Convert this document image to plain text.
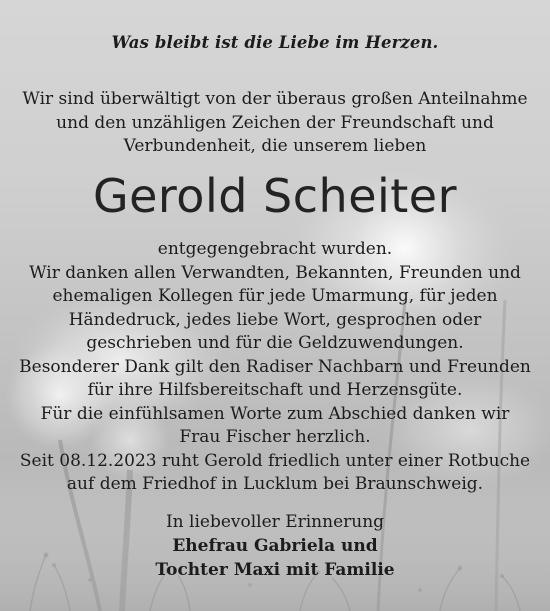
Was bleibt ist die Liebe im Herzen.
Wir sind überwältigt von der überaus großen Anteilnahme
und den unzähligen Zeichen der Freundschaft und
Verbundenheit, die unserem lieben
Gerold Scheiter
entgegengebracht wurden.
Wir danken allen Verwandten, Bekannten, Freunden und
ehemaligen Kollegen für jede Umarmung, für jeden
Händedruck, jedes liebe Wort, gesprochen oder
geschrieben und für die Geldzuwendungen.
Besonderer Dank gilt den Radiser Nachbarn und Freunden
für ihre Hilfsbereitschaft und Herzensgüte.
Für die einfühlsamen Worte zum Abschied danken wir
Frau Fischer herzlich.
Seit 08.12.2023 ruht Gerold friedlich unter einer Rotbuche
auf dem Friedhof in Lucklum bei Braunschweig.
In liebevoller Erinnerung
Ehefrau Gabriela und
Tochter Maxi mit Familie
